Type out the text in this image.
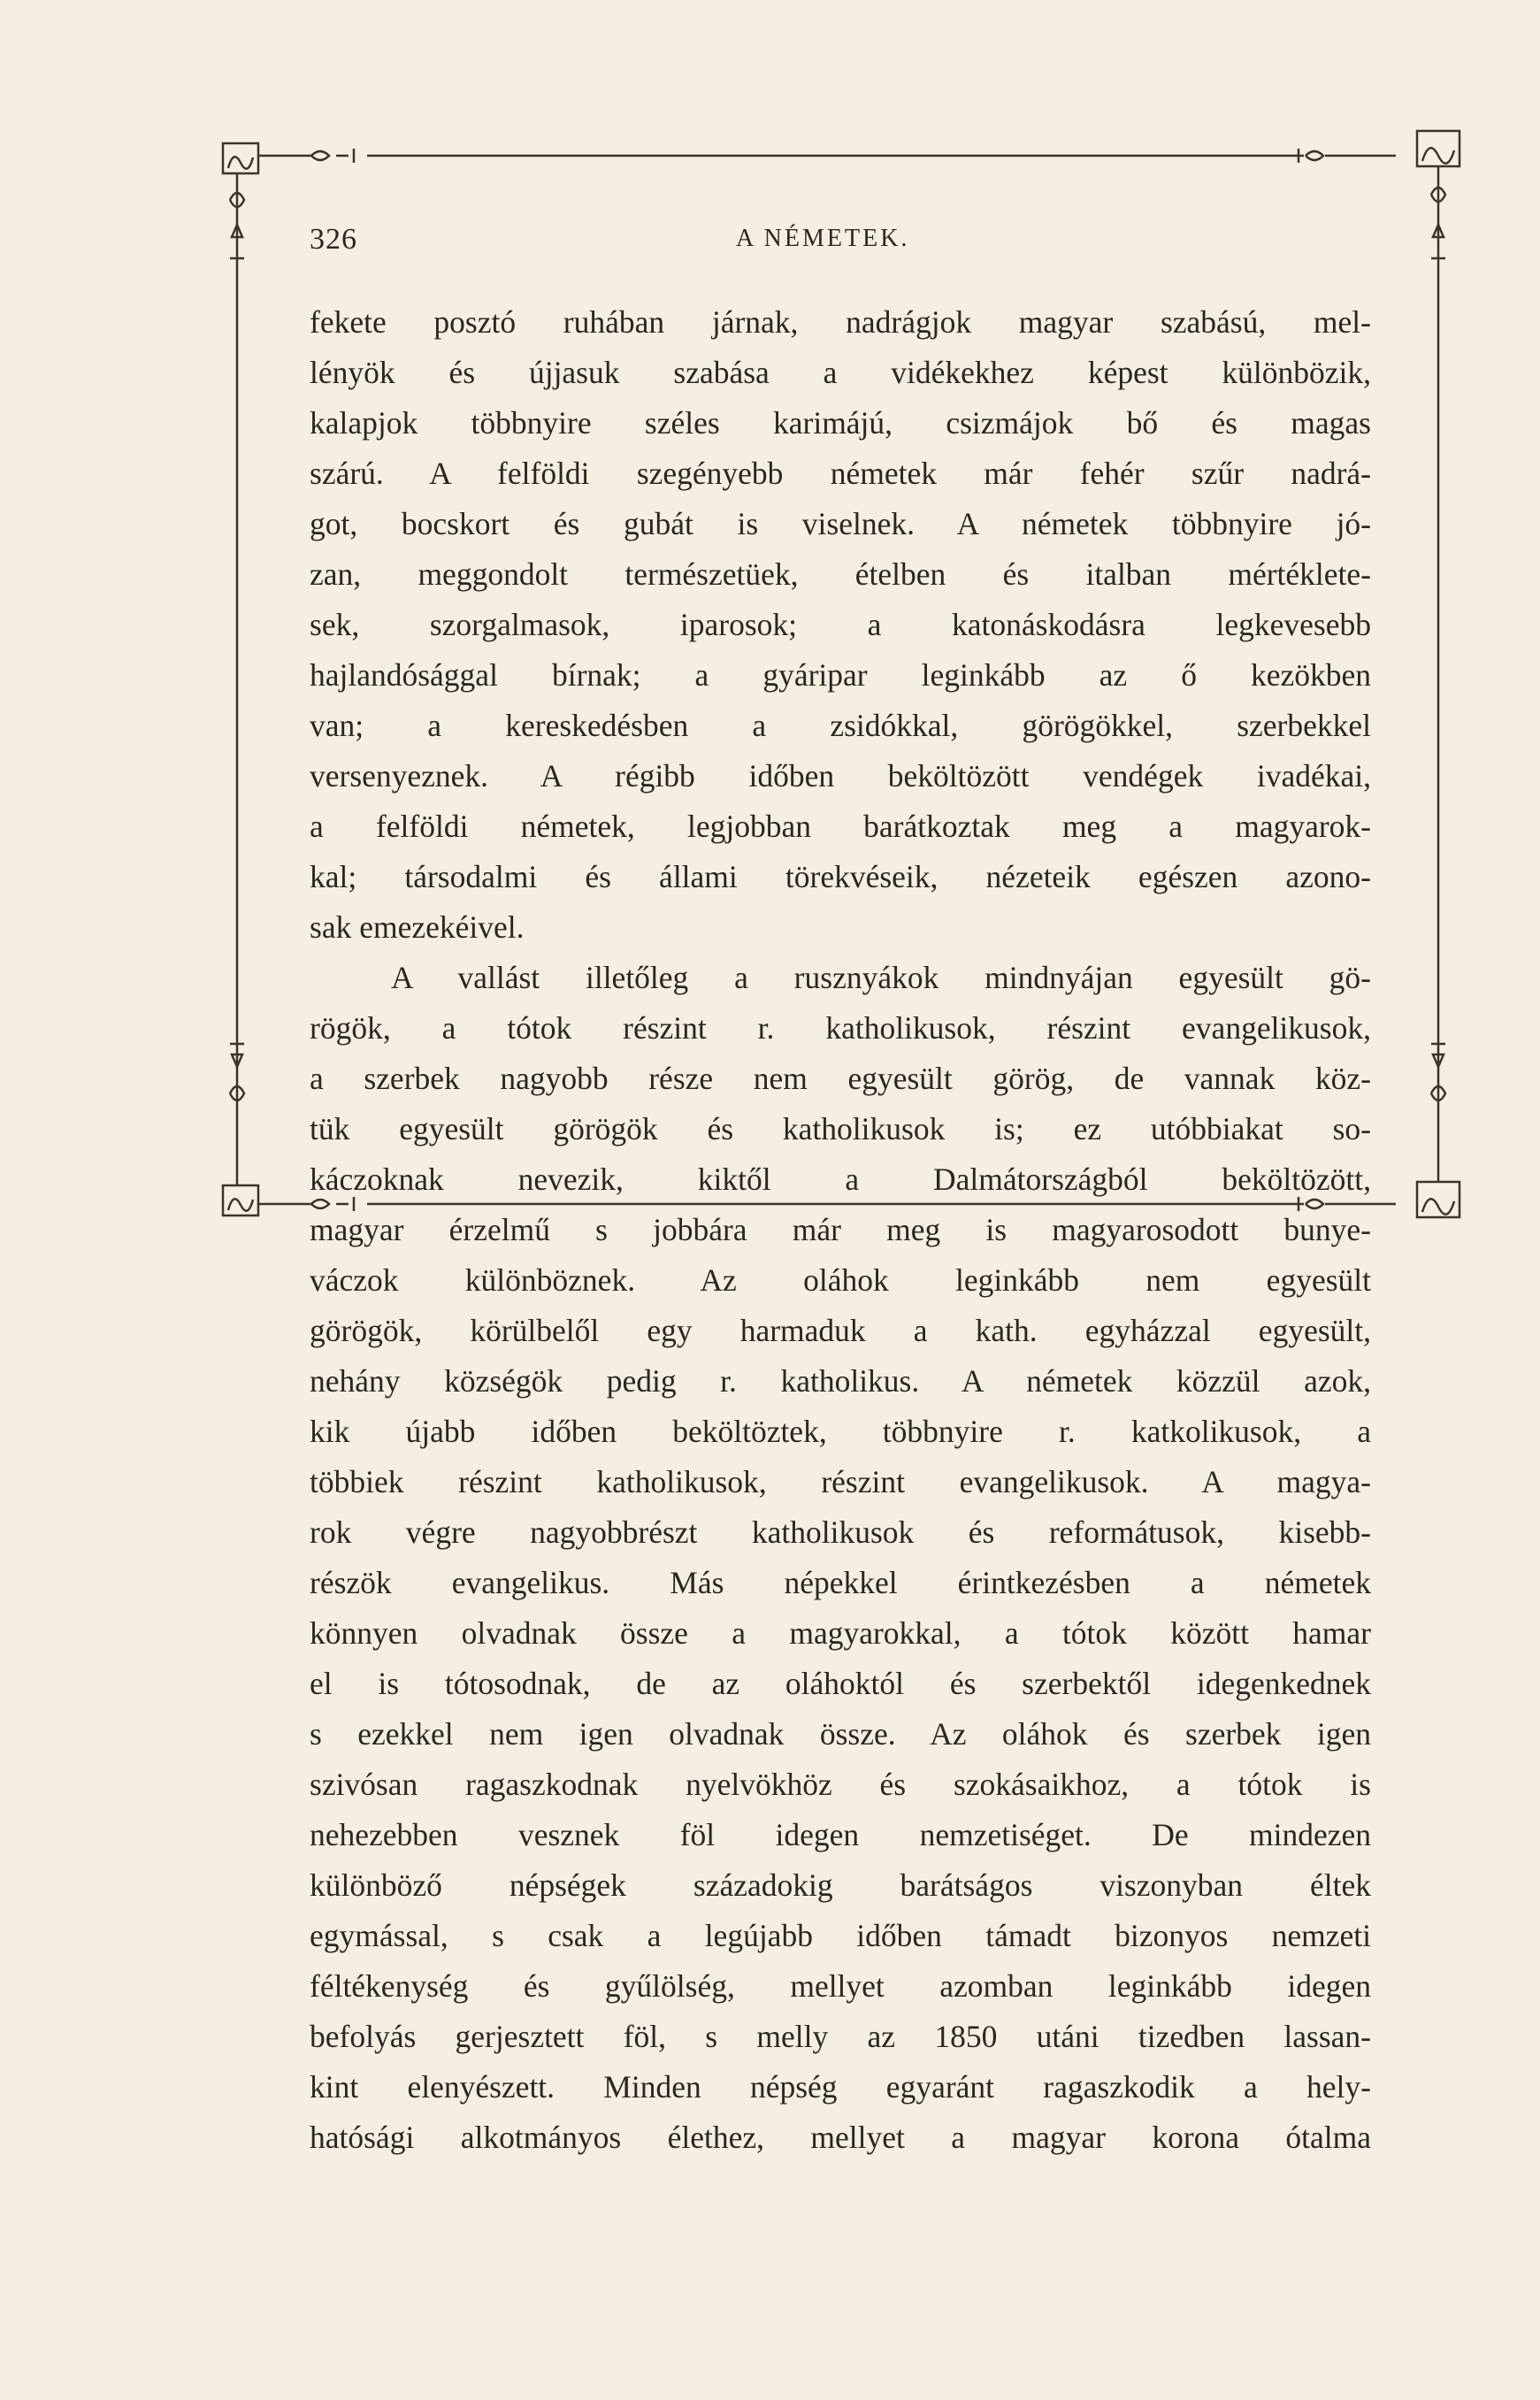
326	A NÉMETEK.
fekete posztó ruhában járnak, nadrágjok magyar szabású, mel-
lényök és újjasuk szabása a vidékekhez képest különbözik,
kalapjok többnyire széles karimájú, csizmájok bő és magas
szárú. A felföldi szegényebb németek már fehér szűr nadrá-
got, bocskort és gubát is viselnek. A németek többnyire jó-
zan, meggondolt természetüek, ételben és italban mértéklete-
sek, szorgalmasok, iparosok; a katonáskodásra legkevesebb
hajlandósággal bírnak; a gyáripar leginkább az ő kezökben
van; a kereskedésben a zsidókkal, görögökkel, szerbekkel
versenyeznek. A régibb időben beköltözött vendégek ivadékai,
a felföldi németek, legjobban barátkoztak meg a magyarok-
kal; társodalmi és állami törekvéseik, nézeteik egészen azono-
sak emezekéivel.
A vallást illetőleg a rusznyákok mindnyájan egyesült gö-
rögök, a tótok részint r. katholikusok, részint evangelikusok,
a szerbek nagyobb része nem egyesült görög, de vannak köz-
tük egyesült görögök és katholikusok is; ez utóbbiakat so-
káczoknak nevezik, kiktől a Dalmátországból beköltözött,
magyar érzelmű s jobbára már meg is magyarosodott bunye-
váczok különböznek. Az oláhok leginkább nem egyesült
görögök, körülbelől egy harmaduk a kath. egyházzal egyesült,
nehány községök pedig r. katholikus. A németek közzül azok,
kik újabb időben beköltöztek, többnyire r. katkolikusok, a
többiek részint katholikusok, részint evangelikusok. A magya-
rok végre nagyobbrészt katholikusok és reformátusok, kisebb-
részök evangelikus. Más népekkel érintkezésben a németek
könnyen olvadnak össze a magyarokkal, a tótok között hamar
el is tótosodnak, de az oláhoktól és szerbektől idegenkednek
s ezekkel nem igen olvadnak össze. Az oláhok és szerbek igen
szivósan ragaszkodnak nyelvökhöz és szokásaikhoz, a tótok is
nehezebben vesznek föl idegen nemzetiséget. De mindezen
különböző népségek századokig barátságos viszonyban éltek
egymással, s csak a legújabb időben támadt bizonyos nemzeti
féltékenység és gyűlölség, mellyet azomban leginkább idegen
befolyás gerjesztett föl, s melly az 1850 utáni tizedben lassan-
kint elenyészett. Minden népség egyaránt ragaszkodik a hely-
hatósági alkotmányos élethez, mellyet a magyar korona ótalma
